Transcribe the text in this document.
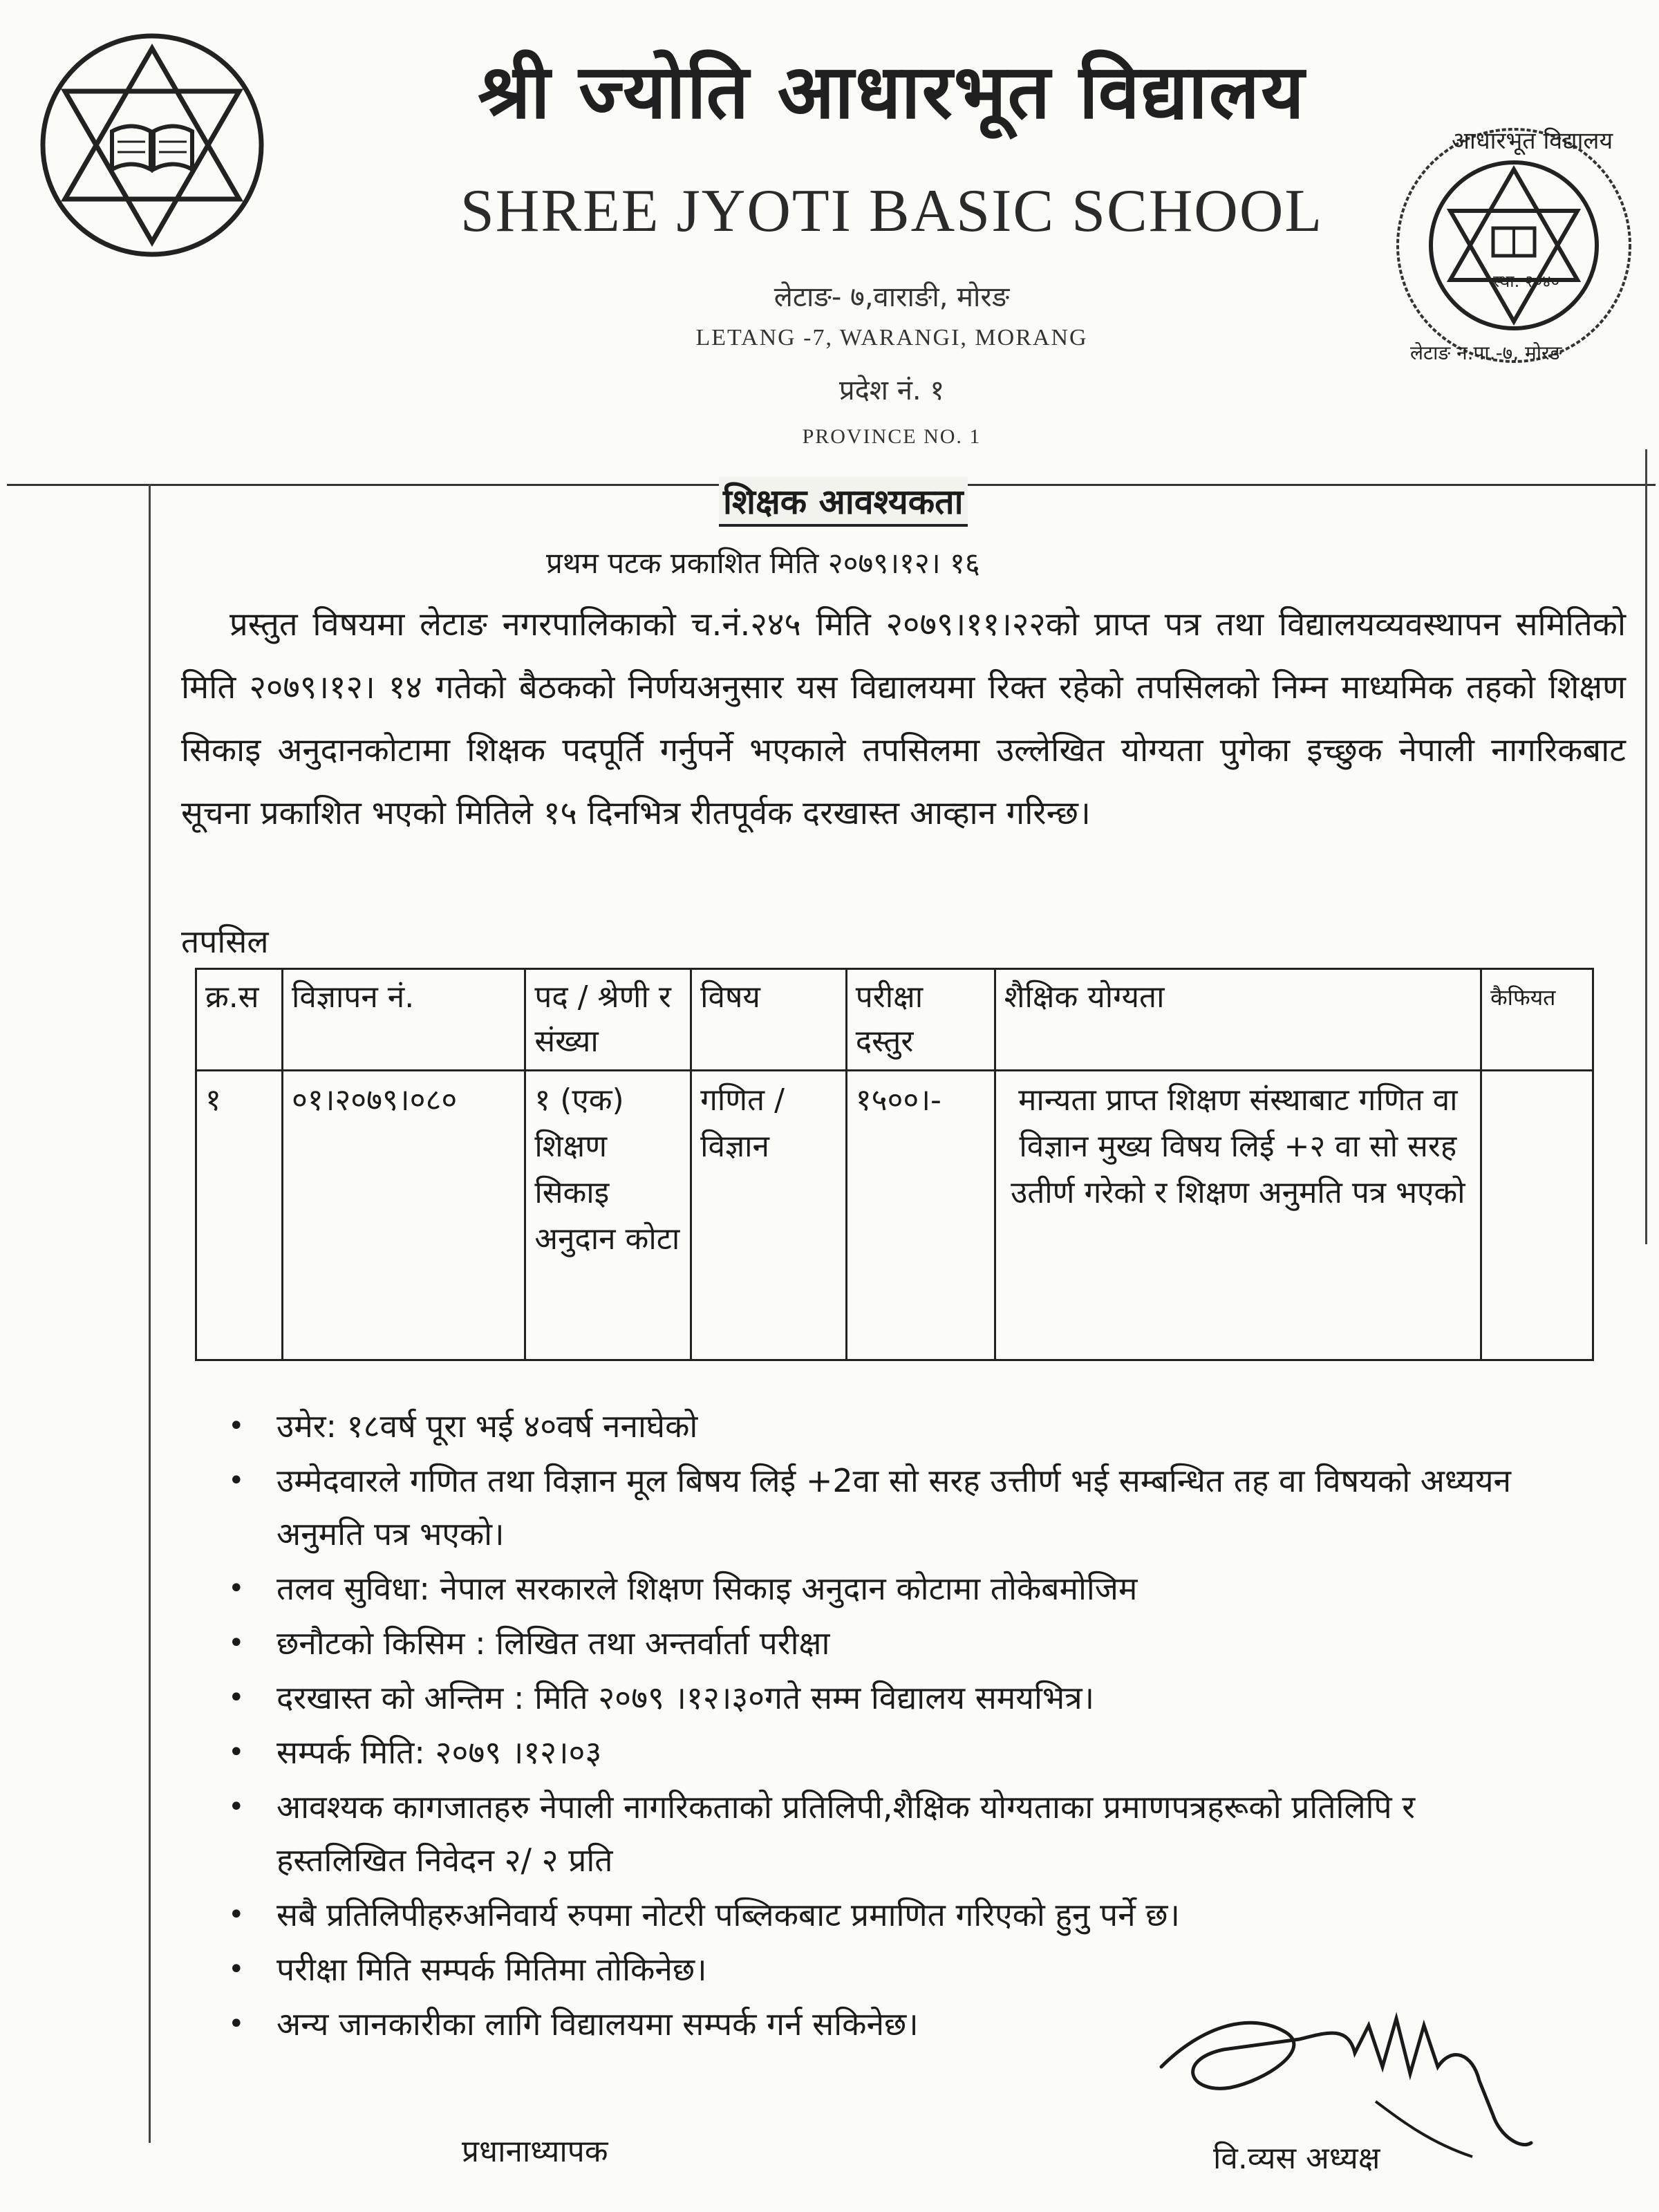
श्री ज्योति आधारभूत विद्यालय
SHREE JYOTI BASIC SCHOOL
लेटाङ- ७,वाराङी, मोरङ
LETANG -7, WARANGI, MORANG
प्रदेश नं. १
PROVINCE NO. 1
स्था: २०४०
आधारभूत विद्यालय
लेटाङ न.पा.-७, मोरङ
शिक्षक आवश्यकता
प्रथम पटक प्रकाशित मिति २०७९।१२। १६
प्रस्तुत विषयमा लेटाङ नगरपालिकाको च.नं.२४५ मिति २०७९।११।२२को प्राप्त पत्र तथा विद्यालयव्यवस्थापन समितिको मिति २०७९।१२। १४ गतेको बैठकको निर्णयअनुसार यस विद्यालयमा रिक्त रहेको तपसिलको निम्न माध्यमिक तहको शिक्षण सिकाइ अनुदानकोटामा शिक्षक पदपूर्ति गर्नुपर्ने भएकाले तपसिलमा उल्लेखित योग्यता पुगेका इच्छुक नेपाली नागरिकबाट सूचना प्रकाशित भएको मितिले १५ दिनभित्र रीतपूर्वक दरखास्त आव्हान गरिन्छ।
तपसिल
क्र.स	विज्ञापन नं.	पद / श्रेणी र संख्या	विषय	परीक्षा दस्तुर	शैक्षिक योग्यता	कैफियत
१	०१।२०७९।०८०	१ (एक) शिक्षण सिकाइ अनुदान कोटा	गणित / विज्ञान	१५००।-	मान्यता प्राप्त शिक्षण संस्थाबाट गणित वा विज्ञान मुख्य विषय लिई +२ वा सो सरह उतीर्ण गरेको र शिक्षण अनुमति पत्र भएको	
• उमेर: १८वर्ष पूरा भई ४०वर्ष ननाघेको
• उम्मेदवारले गणित तथा विज्ञान मूल बिषय लिई +2वा सो सरह उत्तीर्ण भई सम्बन्धित तह वा विषयको अध्ययन अनुमति पत्र भएको।
• तलव सुविधा: नेपाल सरकारले शिक्षण सिकाइ अनुदान कोटामा तोकेबमोजिम
• छनौटको किसिम : लिखित तथा अन्तर्वार्ता परीक्षा
• दरखास्त को अन्तिम : मिति २०७९ ।१२।३०गते सम्म विद्यालय समयभित्र।
• सम्पर्क मिति: २०७९ ।१२।०३
• आवश्यक कागजातहरु नेपाली नागरिकताको प्रतिलिपी,शैक्षिक योग्यताका प्रमाणपत्रहरूको प्रतिलिपि र हस्तलिखित निवेदन २/ २ प्रति
• सबै प्रतिलिपीहरुअनिवार्य रुपमा नोटरी पब्लिकबाट प्रमाणित गरिएको हुनु पर्ने छ।
• परीक्षा मिति सम्पर्क मितिमा तोकिनेछ।
• अन्य जानकारीका लागि विद्यालयमा सम्पर्क गर्न सकिनेछ।
प्रधानाध्यापक	वि.व्यस अध्यक्ष
